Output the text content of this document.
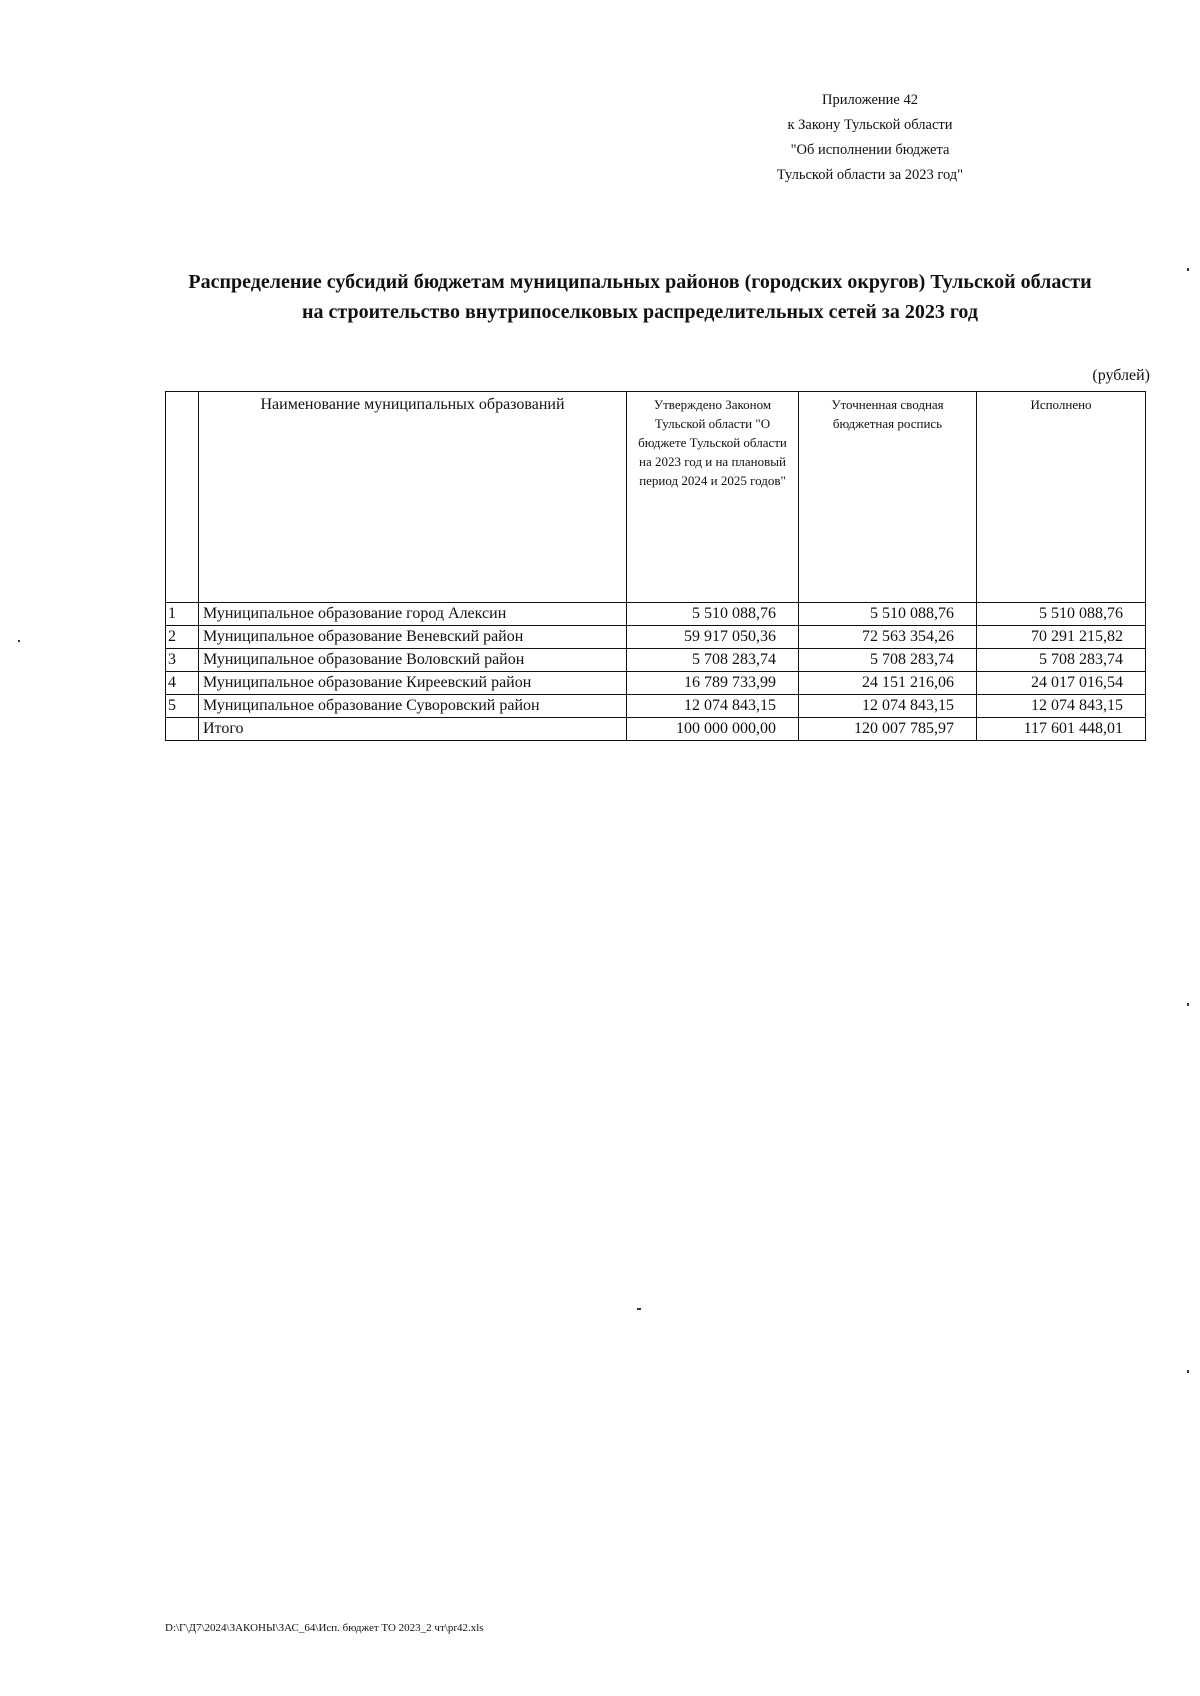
Приложение 42
к Закону Тульской области
"Об исполнении бюджета
Тульской области за 2023 год"
Распределение субсидий бюджетам муниципальных районов (городских округов) Тульской области
на строительство внутрипоселковых распределительных сетей за 2023 год
(рублей)
	Наименование муниципальных образований	Утверждено Законом Тульской области "О бюджете Тульской области на 2023 год и на плановый период 2024 и 2025 годов"	Уточненная сводная бюджетная роспись	Исполнено
1	Муниципальное образование город Алексин	5 510 088,76	5 510 088,76	5 510 088,76
2	Муниципальное образование Веневский район	59 917 050,36	72 563 354,26	70 291 215,82
3	Муниципальное образование Воловский район	5 708 283,74	5 708 283,74	5 708 283,74
4	Муниципальное образование Киреевский район	16 789 733,99	24 151 216,06	24 017 016,54
5	Муниципальное образование Суворовский район	12 074 843,15	12 074 843,15	12 074 843,15
	Итого	100 000 000,00	120 007 785,97	117 601 448,01
D:\Г\Д7\2024\ЗАКОНЫ\ЗАС_64\Исп. бюджет ТО 2023_2 чт\pr42.xls
